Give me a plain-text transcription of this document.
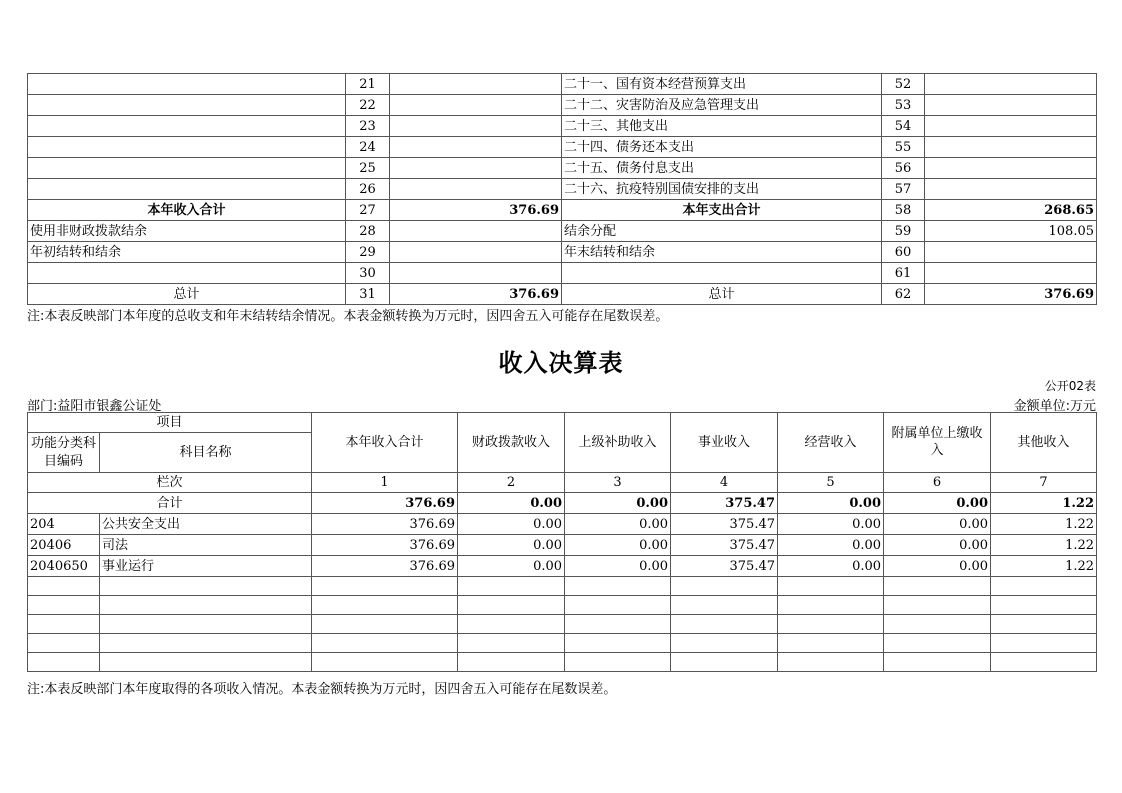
	21		二十一、国有资本经营预算支出	52	
	22		二十二、灾害防治及应急管理支出	53	
	23		二十三、其他支出	54	
	24		二十四、债务还本支出	55	
	25		二十五、债务付息支出	56	
	26		二十六、抗疫特别国债安排的支出	57	
本年收入合计	27	376.69	本年支出合计	58	268.65
使用非财政拨款结余	28		结余分配	59	108.05
年初结转和结余	29		年末结转和结余	60	
	30			61	
总计	31	376.69	总计	62	376.69
注:本表反映部门本年度的总收支和年末结转结余情况。本表金额转换为万元时，因四舍五入可能存在尾数误差。
收入决算表
公开02表
部门:益阳市银鑫公证处	金额单位:万元
项目		本年收入合计	财政拨款收入	上级补助收入	事业收入	经营收入	附属单位上缴收入	其他收入
功能分类科目编码	科目名称							
栏次		1	2	3	4	5	6	7
合计		376.69	0.00	0.00	375.47	0.00	0.00	1.22
204	公共安全支出	376.69	0.00	0.00	375.47	0.00	0.00	1.22
20406	司法	376.69	0.00	0.00	375.47	0.00	0.00	1.22
2040650	事业运行	376.69	0.00	0.00	375.47	0.00	0.00	1.22

注:本表反映部门本年度取得的各项收入情况。本表金额转换为万元时，因四舍五入可能存在尾数误差。
